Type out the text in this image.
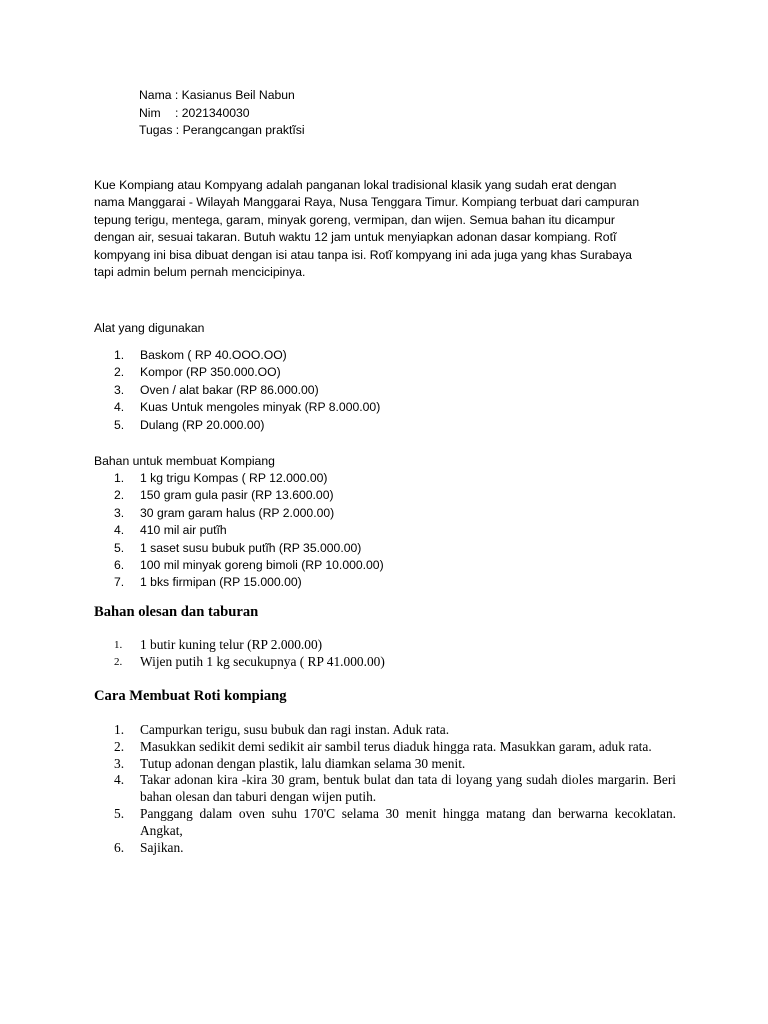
Nama : Kasianus Beil Nabun
Nim : 2021340030
Tugas : Perangcangan praktĩsi
Kue Kompiang atau Kompyang adalah panganan lokal tradisional klasik yang sudah erat dengan nama Manggarai - Wilayah Manggarai Raya, Nusa Tenggara Timur. Kompiang terbuat dari campuran tepung terigu, mentega, garam, minyak goreng, vermipan, dan wijen. Semua bahan itu dicampur dengan air, sesuai takaran. Butuh waktu 12 jam untuk menyiapkan adonan dasar kompiang. Rotĩ kompyang ini bisa dibuat dengan isi atau tanpa isi. Rotĩ kompyang ini ada juga yang khas Surabaya tapi admin belum pernah mencicipinya.
Alat yang digunakan
1. Baskom ( RP 40.OOO.OO)
2. Kompor (RP 350.000.OO)
3. Oven / alat bakar (RP 86.000.00)
4. Kuas Untuk mengoles minyak (RP 8.000.00)
5. Dulang (RP 20.000.00)
Bahan untuk membuat Kompiang
1. 1 kg trigu Kompas ( RP 12.000.00)
2. 150 gram gula pasir (RP 13.600.00)
3. 30 gram garam halus (RP 2.000.00)
4. 410 mil air putĩh
5. 1 saset susu bubuk putĩh (RP 35.000.00)
6. 100 mil minyak goreng bimoli (RP 10.000.00)
7. 1 bks firmipan (RP 15.000.00)
Bahan olesan dan taburan
1. 1 butir kuning telur (RP 2.000.00)
2. Wijen putih 1 kg secukupnya ( RP 41.000.00)
Cara Membuat Roti kompiang
1. Campurkan terigu, susu bubuk dan ragi instan. Aduk rata.
2. Masukkan sedikit demi sedikit air sambil terus diaduk hingga rata. Masukkan garam, aduk rata.
3. Tutup adonan dengan plastik, lalu diamkan selama 30 menit.
4. Takar adonan kira -kira 30 gram, bentuk bulat dan tata di loyang yang sudah dioles margarin. Beri bahan olesan dan taburi dengan wijen putih.
5. Panggang dalam oven suhu 170'C selama 30 menit hingga matang dan berwarna kecoklatan. Angkat,
6. Sajikan.
